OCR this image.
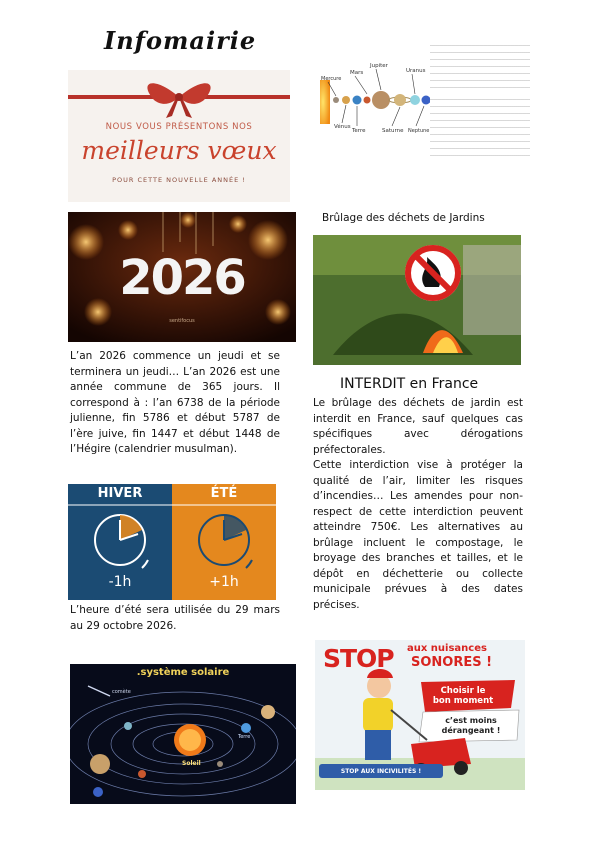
Infomairie
NOUS VOUS PRÉSENTONS NOS
meilleurs vœux
POUR CETTE NOUVELLE ANNÉE !
Mars
Jupiter
Uranus
Mercure
Vénus
Terre	Saturne Neptune
2026
sentifocus
L’an 2026 commence un jeudi et se terminera un jeudi… L’an 2026 est une année commune de 365 jours. Il correspond à : l’an 6738 de la période julienne, fin 5786 et début 5787 de l’ère juive, fin 1447 et début 1448 de l’Hégire (calendrier musulman).
HIVER	ÉTÉ
-1h	+1h
L’heure d’été sera utilisée du 29 mars au 29 octobre 2026.
.système solaire
comète
Soleil
Terre
Brûlage des déchets de Jardins
INTERDIT en France
Le brûlage des déchets de jardin est interdit en France, sauf quelques cas spécifiques avec dérogations préfectorales.
Cette interdiction vise à protéger la qualité de l’air, limiter les risques d’incendies… Les amendes pour non-respect de cette interdiction peuvent atteindre 750€. Les alternatives au brûlage incluent le compostage, le broyage des branches et tailles, et le dépôt en déchetterie ou collecte municipale prévues à des dates précises.
STOP aux nuisances
SONORES !
Choisir le
bon moment
c’est moins
dérangeant !
STOP AUX INCIVILITÉS !
